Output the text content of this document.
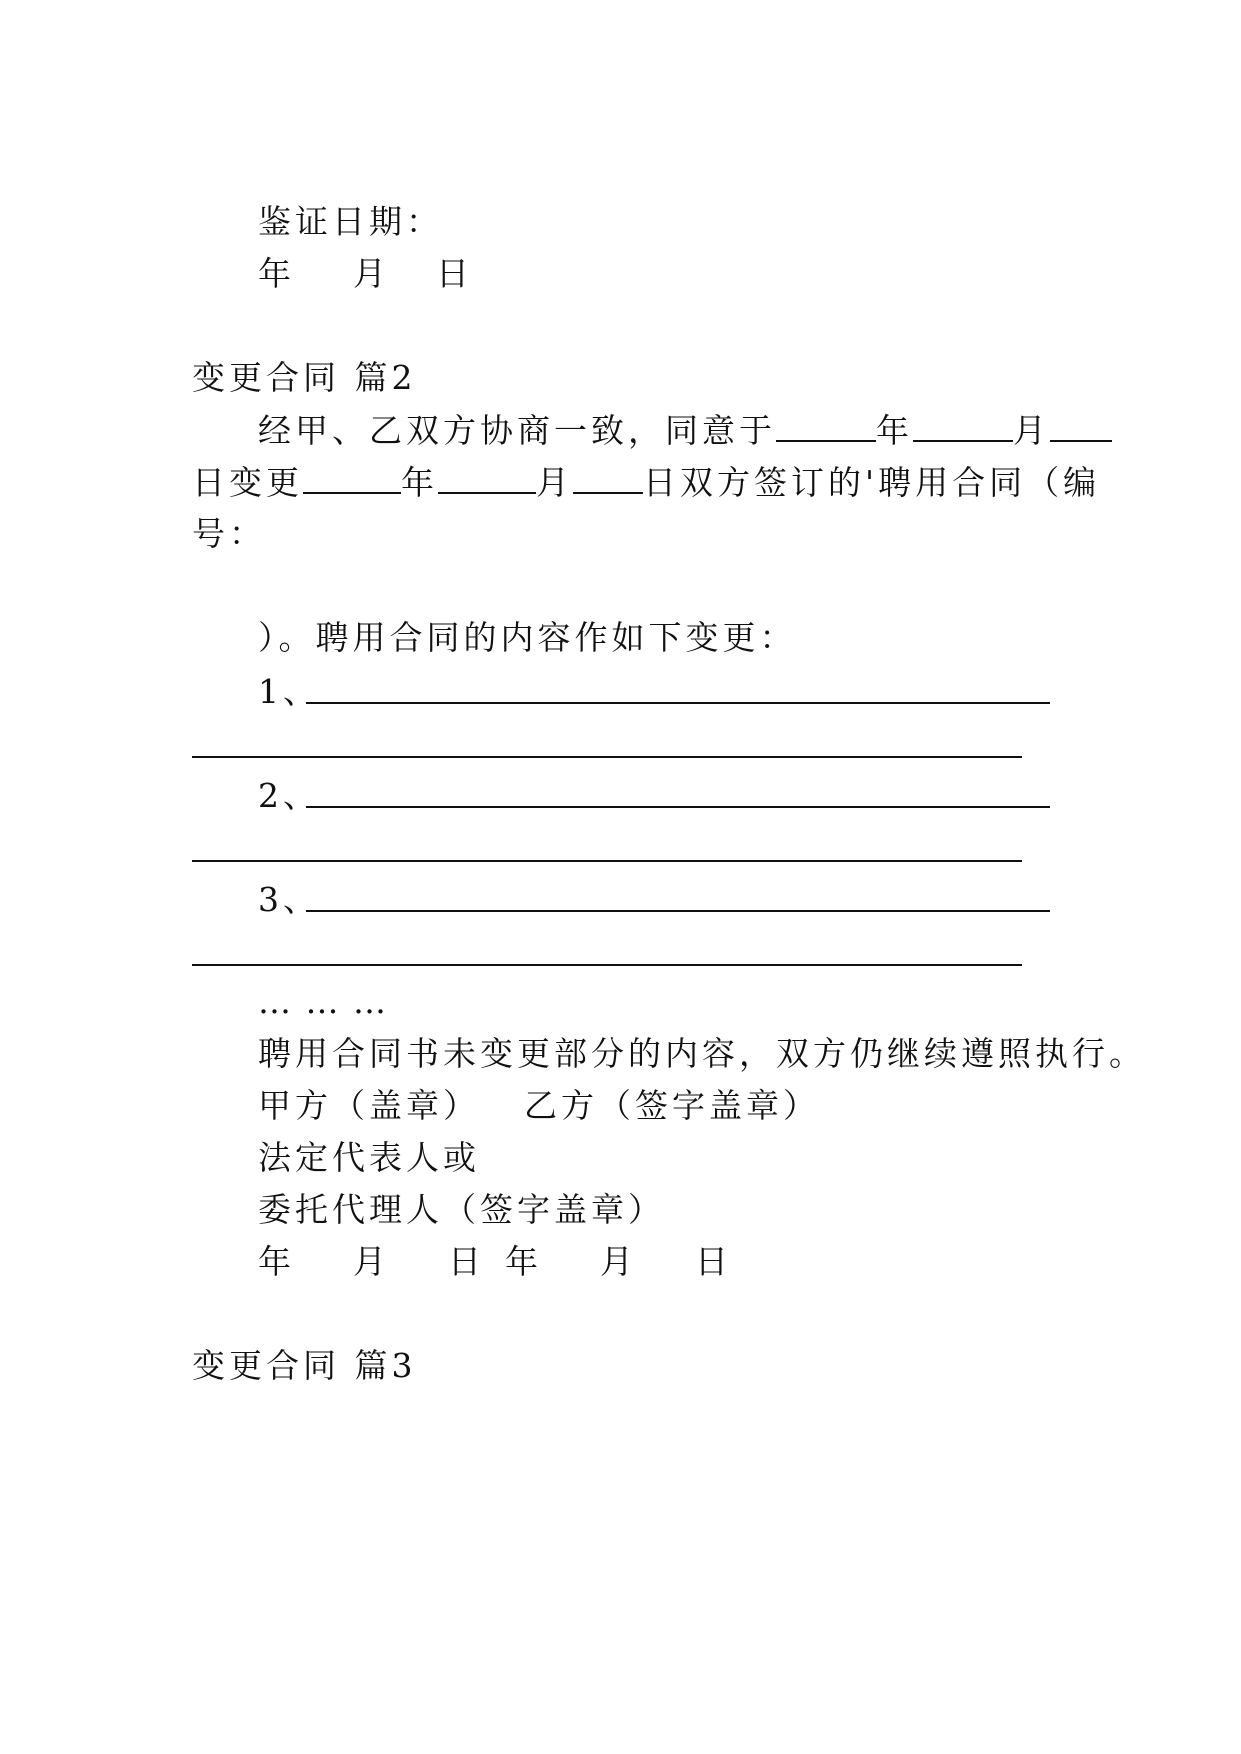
鉴证日期：
年 月 日
变更合同 篇2
经甲、乙双方协商一致，同意于	年	月
日变更	年	月 日双方签订的'聘用合同（编
号：
）。聘用合同的内容作如下变更：
1、
2、
3、
… … …
聘用合同书未变更部分的内容，双方仍继续遵照执行。
甲方（盖章） 乙方（签字盖章）
法定代表人或
委托代理人（签字盖章）
年 月 日 年 月 日
变更合同 篇3
